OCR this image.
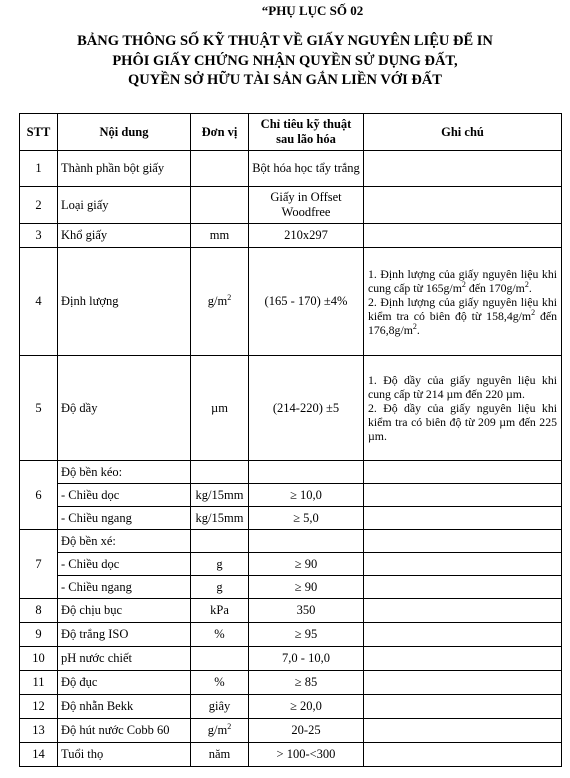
“PHỤ LỤC SỐ 02
BẢNG THÔNG SỐ KỸ THUẬT VỀ GIẤY NGUYÊN LIỆU ĐỂ IN
PHÔI GIẤY CHỨNG NHẬN QUYỀN SỬ DỤNG ĐẤT,
QUYỀN SỞ HỮU TÀI SẢN GẮN LIỀN VỚI ĐẤT
STT	Nội dung	Đơn vị	Chỉ tiêu kỹ thuật sau lão hóa	Ghi chú
1	Thành phần bột giấy		Bột hóa học tẩy trắng	
2	Loại giấy		Giấy in Offset Woodfree	
3	Khổ giấy	mm	210x297	
4	Định lượng	$g/m^2$	(165 - 170) ±4%	1. Định lượng của giấy nguyên liệu khi cung cấp từ $165g/m^2$ đến $170g/m^2$.

2. Định lượng của giấy nguyên liệu khi kiểm tra có biên độ từ $158,4g/m^2$ đến $176,8g/m^2$.

5	Độ dầy	µm	(214-220) ±5	1. Độ dầy của giấy nguyên liệu khi cung cấp từ 214 µm đến 220 µm.

2. Độ dầy của giấy nguyên liệu khi kiểm tra có biên độ từ 209 µm đến 225 µm.

6	Độ bền kéo:			
	- Chiều dọc	kg/15mm	≥ 10,0	
	- Chiều ngang	kg/15mm	≥ 5,0	
7	Độ bền xé:			
	- Chiều dọc	g	≥ 90	
	- Chiều ngang	g	≥ 90	
8	Độ chịu bục	kPa	350	
9	Độ trắng ISO	%	≥ 95	
10	pH nước chiết		7,0 - 10,0	
11	Độ đục	%	≥ 85	
12	Độ nhẵn Bekk	giây	≥ 20,0	
13	Độ hút nước Cobb 60	$g/m^2$	20-25	
14	Tuổi thọ	năm	> 100-<300	
